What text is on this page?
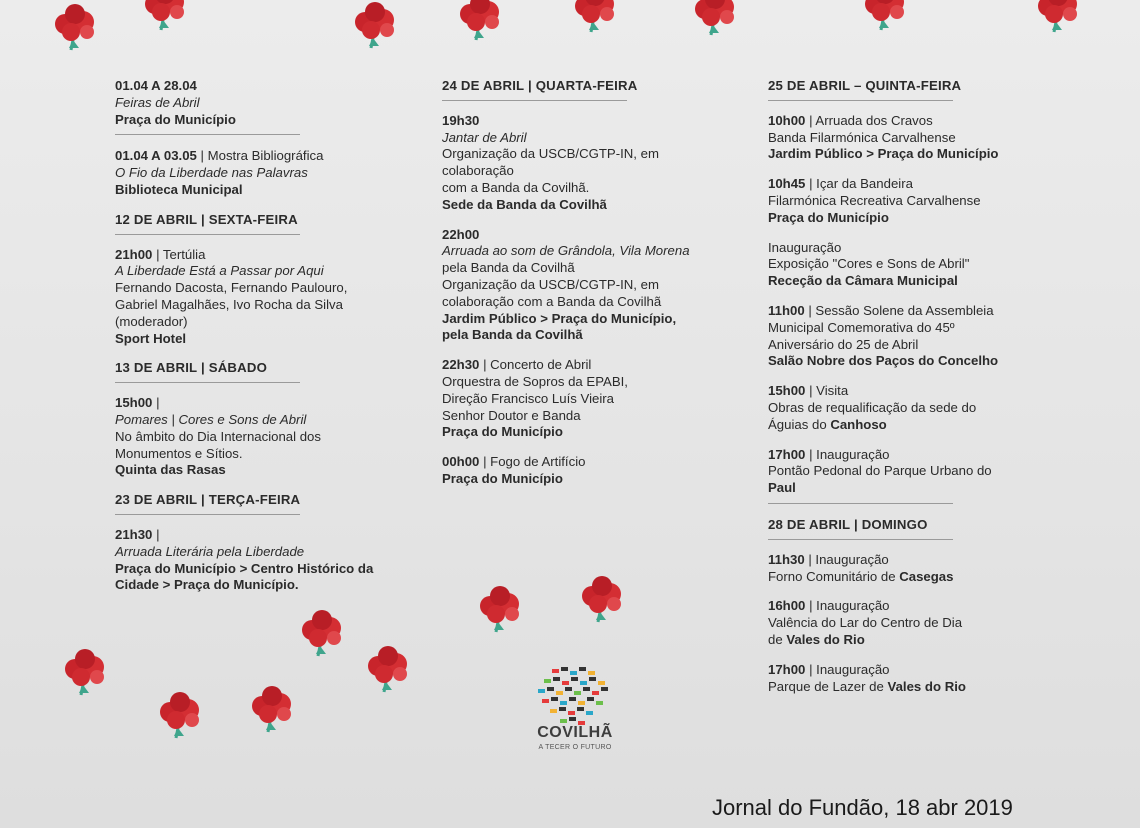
01.04 A 28.04
Feiras de Abril
Praça do Município
01.04 A 03.05 | Mostra Bibliográfica
O Fio da Liberdade nas Palavras
Biblioteca Municipal
12 DE ABRIL | SEXTA-FEIRA
21h00 | Tertúlia
A Liberdade Está a Passar por Aqui
Fernando Dacosta, Fernando Paulouro,
Gabriel Magalhães, Ivo Rocha da Silva
(moderador)
Sport Hotel
13 DE ABRIL | SÁBADO
15h00 |
Pomares | Cores e Sons de Abril
No âmbito do Dia Internacional dos
Monumentos e Sítios.
Quinta das Rasas
23 DE ABRIL | TERÇA-FEIRA
21h30 |
Arruada Literária pela Liberdade
Praça do Município > Centro Histórico da
Cidade > Praça do Município.
24 DE ABRIL | QUARTA-FEIRA
19h30
Jantar de Abril
Organização da USCB/CGTP-IN, em
colaboração
com a Banda da Covilhã.
Sede da Banda da Covilhã
22h00
Arruada ao som de Grândola, Vila Morena
pela Banda da Covilhã
Organização da USCB/CGTP-IN, em
colaboração com a Banda da Covilhã
Jardim Público > Praça do Município,
pela Banda da Covilhã
22h30 | Concerto de Abril
Orquestra de Sopros da EPABI,
Direção Francisco Luís Vieira
Senhor Doutor e Banda
Praça do Município
00h00 | Fogo de Artifício
Praça do Município
25 DE ABRIL – QUINTA-FEIRA
10h00 | Arruada dos Cravos
Banda Filarmónica Carvalhense
Jardim Público > Praça do Município
10h45 | Içar da Bandeira
Filarmónica Recreativa Carvalhense
Praça do Município
Inauguração
Exposição "Cores e Sons de Abril"
Receção da Câmara Municipal
11h00 | Sessão Solene da Assembleia
Municipal Comemorativa do 45º
Aniversário do 25 de Abril
Salão Nobre dos Paços do Concelho
15h00 | Visita
Obras de requalificação da sede do
Águias do Canhoso
17h00 | Inauguração
Pontão Pedonal do Parque Urbano do
Paul
28 DE ABRIL | DOMINGO
11h30 | Inauguração
Forno Comunitário de Casegas
16h00 | Inauguração
Valência do Lar do Centro de Dia
de Vales do Rio
17h00 | Inauguração
Parque de Lazer de Vales do Rio
COVILHÃ
A TECER O FUTURO
Jornal do Fundão, 18 abr 2019
